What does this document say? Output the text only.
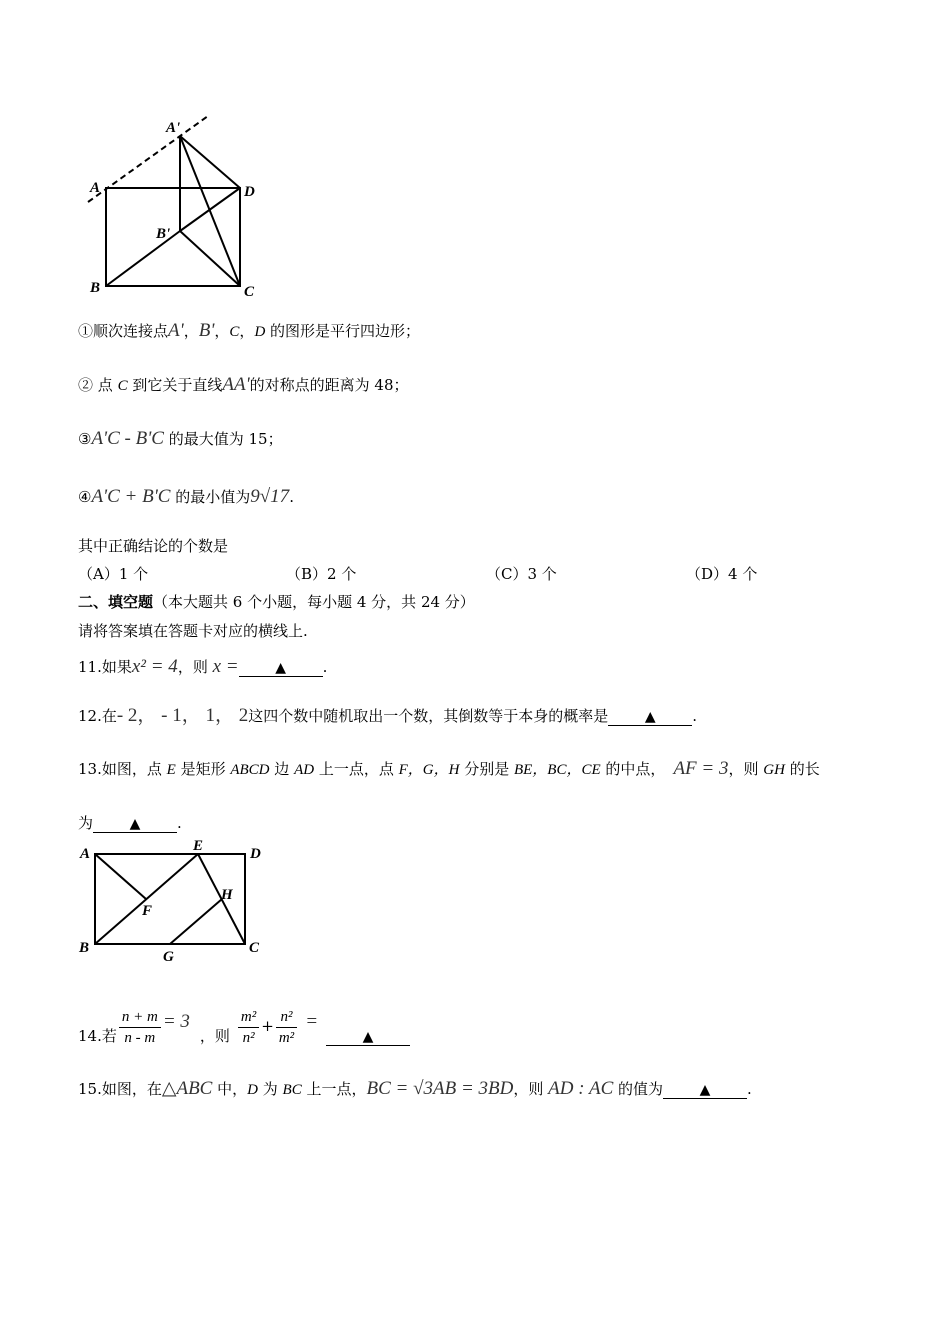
A'
A	D
B'
B	C
①顺次连接点A'，B'，C，D 的图形是平行四边形；
② 点 C 到它关于直线AA'的对称点的距离为 48；
③A'C - B'C 的最大值为 15；
④A'C + B'C 的最小值为9√17.
其中正确结论的个数是
（A）1 个	（B）2 个	（C）3 个	（D）4 个
二、填空题（本大题共 6 个小题，每小题 4 分，共 24 分）
请将答案填在答题卡对应的横线上.
11.如果x² = 4，则 x =	▲ .
12.在- 2， - 1， 1， 2这四个数中随机取出一个数，其倒数等于本身的概率是	▲ .
13.如图，点 E 是矩形 ABCD 边 AD 上一点，点 F，G，H 分别是 BE，BC，CE 的中点， AF = 3，则 GH 的长
为	▲ .
A	E	D
F
H
B
G
C
14.若 $\frac{n + m}{n - m} = 3$，则 $\frac{\text{m²}}{\text{n²}} + \frac{\text{n²}}{\text{m²}}$ =▲
15.如图，在△ABC 中，D 为 BC 上一点，BC = √3AB = 3BD，则 AD : AC 的值为	▲ .
